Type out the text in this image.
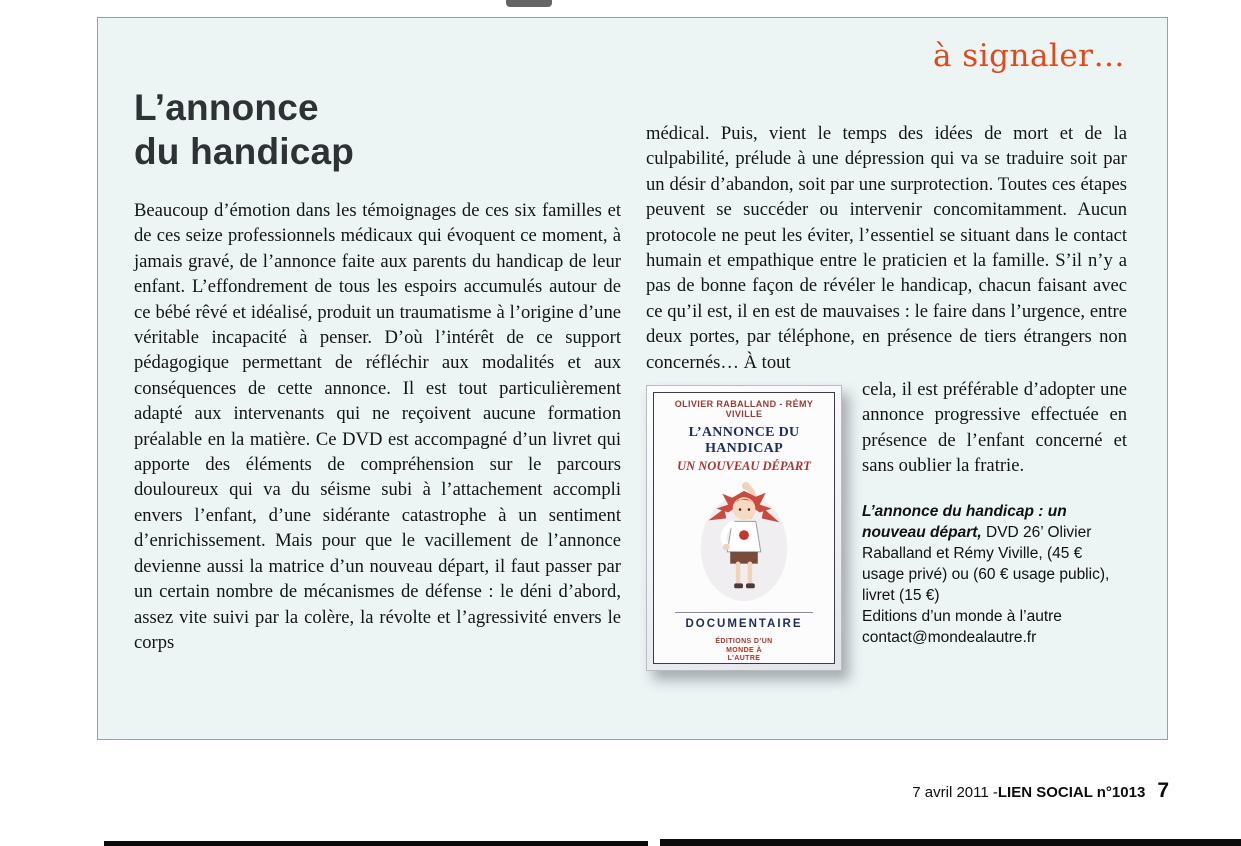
à signaler…
L’annonce
du handicap

Beaucoup d’émotion dans les témoignages de ces six familles et de ces seize professionnels médicaux qui évoquent ce moment, à jamais gravé, de l’annonce faite aux parents du handicap de leur enfant. L’effondrement de tous les espoirs accumulés autour de ce bébé rêvé et idéalisé, produit un traumatisme à l’origine d’une véritable incapacité à penser. D’où l’intérêt de ce support pédagogique permettant de réfléchir aux modalités et aux conséquences de cette annonce. Il est tout particulièrement adapté aux intervenants qui ne reçoivent aucune formation préalable en la matière. Ce DVD est accompagné d’un livret qui apporte des éléments de compréhension sur le parcours douloureux qui va du séisme subi à l’attachement accompli envers l’enfant, d’une sidérante catastrophe à un sentiment d’enrichissement. Mais pour que le vacillement de l’annonce devienne aussi la matrice d’un nouveau départ, il faut passer par un certain nombre de mécanismes de défense : le déni d’abord, assez vite suivi par la colère, la révolte et l’agressivité envers le corps

médical. Puis, vient le temps des idées de mort et de la culpabilité, prélude à une dépression qui va se traduire soit par un désir d’abandon, soit par une surprotection. Toutes ces étapes peuvent se succéder ou intervenir concomitamment. Aucun protocole ne peut les éviter, l’essentiel se situant dans le contact humain et empathique entre le praticien et la famille. S’il n’y a pas de bonne façon de révéler le handicap, chacun faisant avec ce qu’il est, il en est de mauvaises : le faire dans l’urgence, entre deux portes, par téléphone, en présence de tiers étrangers non concernés… À tout

OLIVIER RABALLAND - RÉMY VIVILLE
L’ANNONCE DU HANDICAP
UN NOUVEAU DÉPART
DOCUMENTAIRE
ÉDITIONS D’UN MONDE À L’AUTRE

cela, il est préférable d’adopter une annonce progressive effectuée en présence de l’enfant concerné et sans oublier la fratrie.

L’annonce du handicap : un nouveau départ, DVD 26’ Olivier Raballand et Rémy Viville, (45 € usage privé) ou (60 € usage public), livret (15 €)
Editions d’un monde à l’autre
contact@mondealautre.fr
7 avril 2011 - LIEN SOCIAL n°1013 7
